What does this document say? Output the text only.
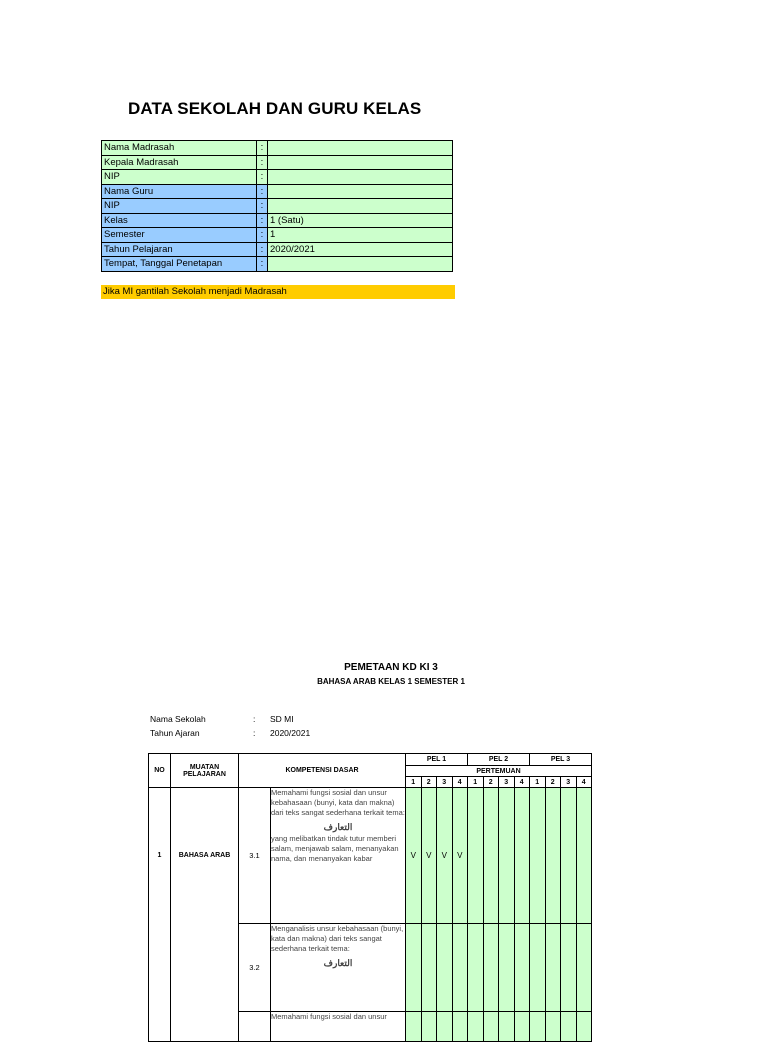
DATA SEKOLAH DAN GURU KELAS
Nama Madrasah	:	
Kepala Madrasah	:	
NIP	:	
Nama Guru	:	
NIP	:	
Kelas	:	1 (Satu)
Semester	:	1
Tahun Pelajaran	:	2020/2021
Tempat, Tanggal Penetapan	:	
Jika MI gantilah Sekolah menjadi Madrasah
PEMETAAN KD KI 3
BAHASA ARAB KELAS 1 SEMESTER 1
Nama Sekolah	: SD MI
Tahun Ajaran	: 2020/2021
NO	MUATAN PELAJARAN	KOMPETENSI DASAR		PEL 1				PEL 2				PEL 3			
				PERTEMUAN											
				1	2	3	4	1	2	3	4	1	2	3	4
1	BAHASA ARAB	3.1	Memahami fungsi sosial dan unsur kebahasaan (bunyi, kata dan makna) dari teks sangat sederhana terkait tema:
التعارف
yang melibatkan tindak tutur memberi salam, menjawab salam, menanyakan nama, dan menanyakan kabar	V	V	V	V								
		3.2	Menganalisis unsur kebahasaan (bunyi, kata dan makna) dari teks sangat sederhana terkait tema:
التعارف												

			Memahami fungsi sosial dan unsur												
